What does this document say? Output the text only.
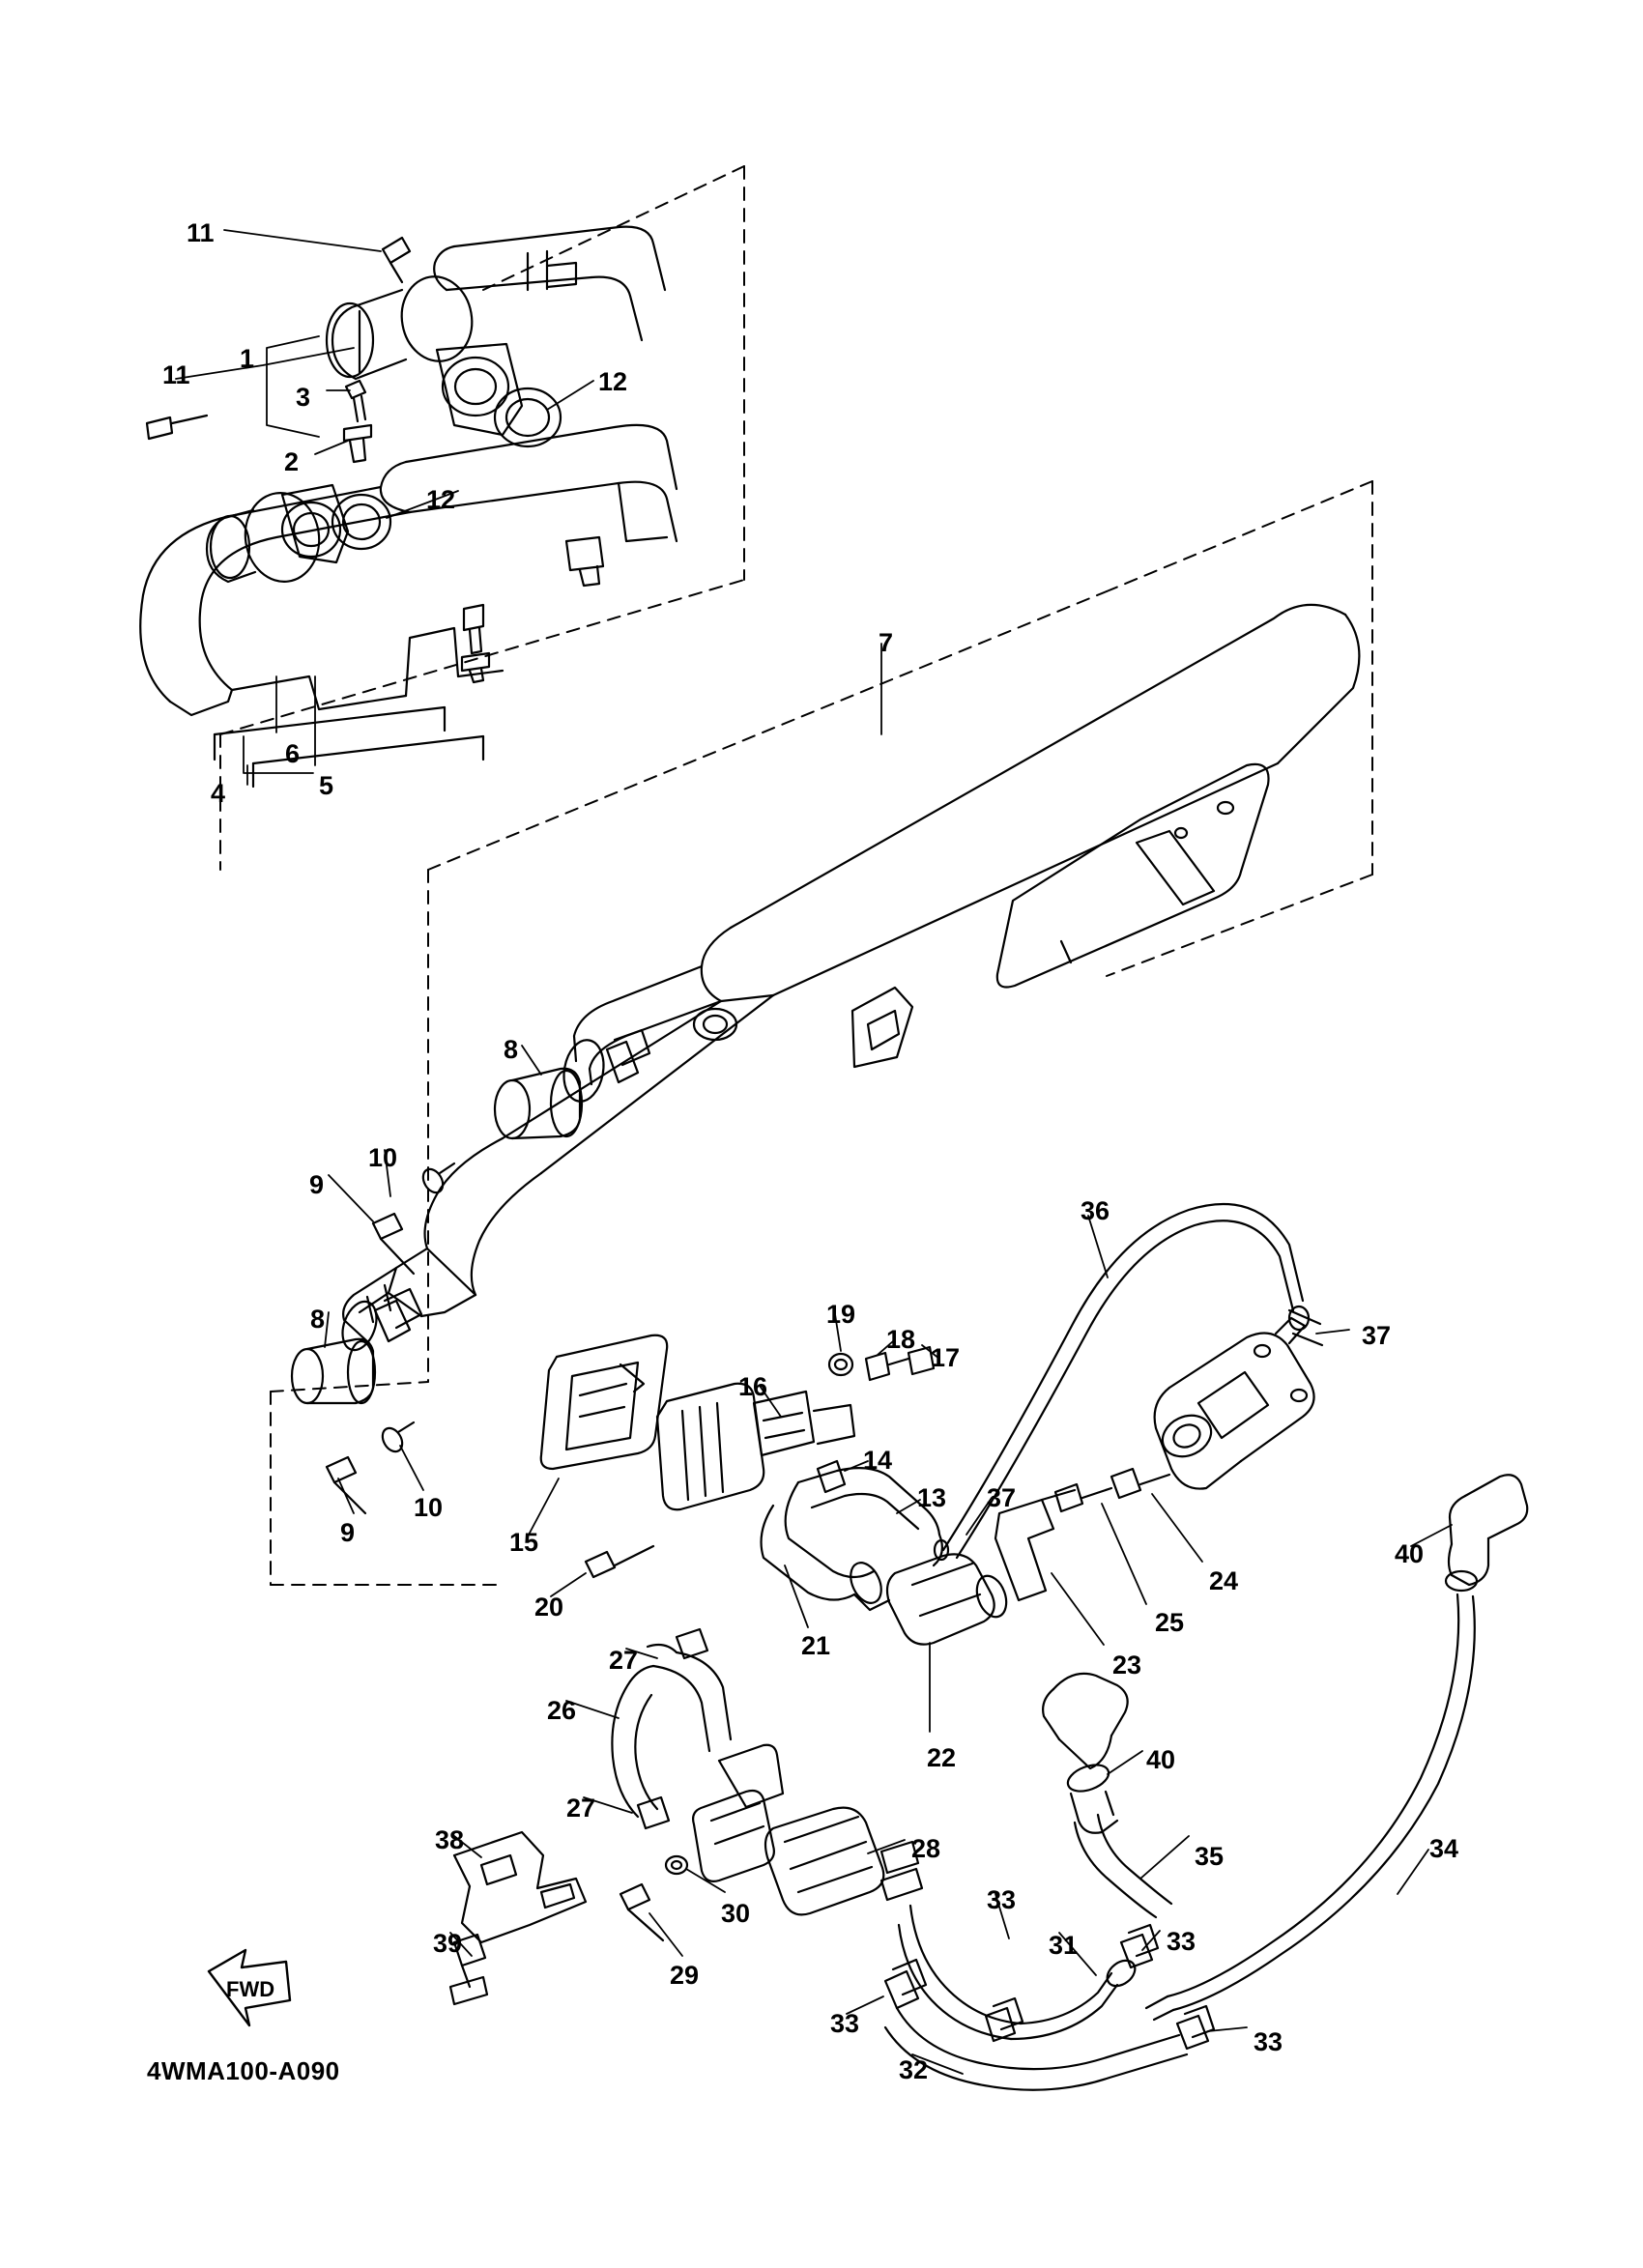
11
1
11
3
12
2
12
6
5
4
7
8
10
9
8
9
10
19
18
17
16
36
37
14
13 37
15
24
25
23
20
21
22
40
40
27
26
27
38
39
30
29
28	35
33
31	33
33
32
33
34
FWD
4WMA100-A090
